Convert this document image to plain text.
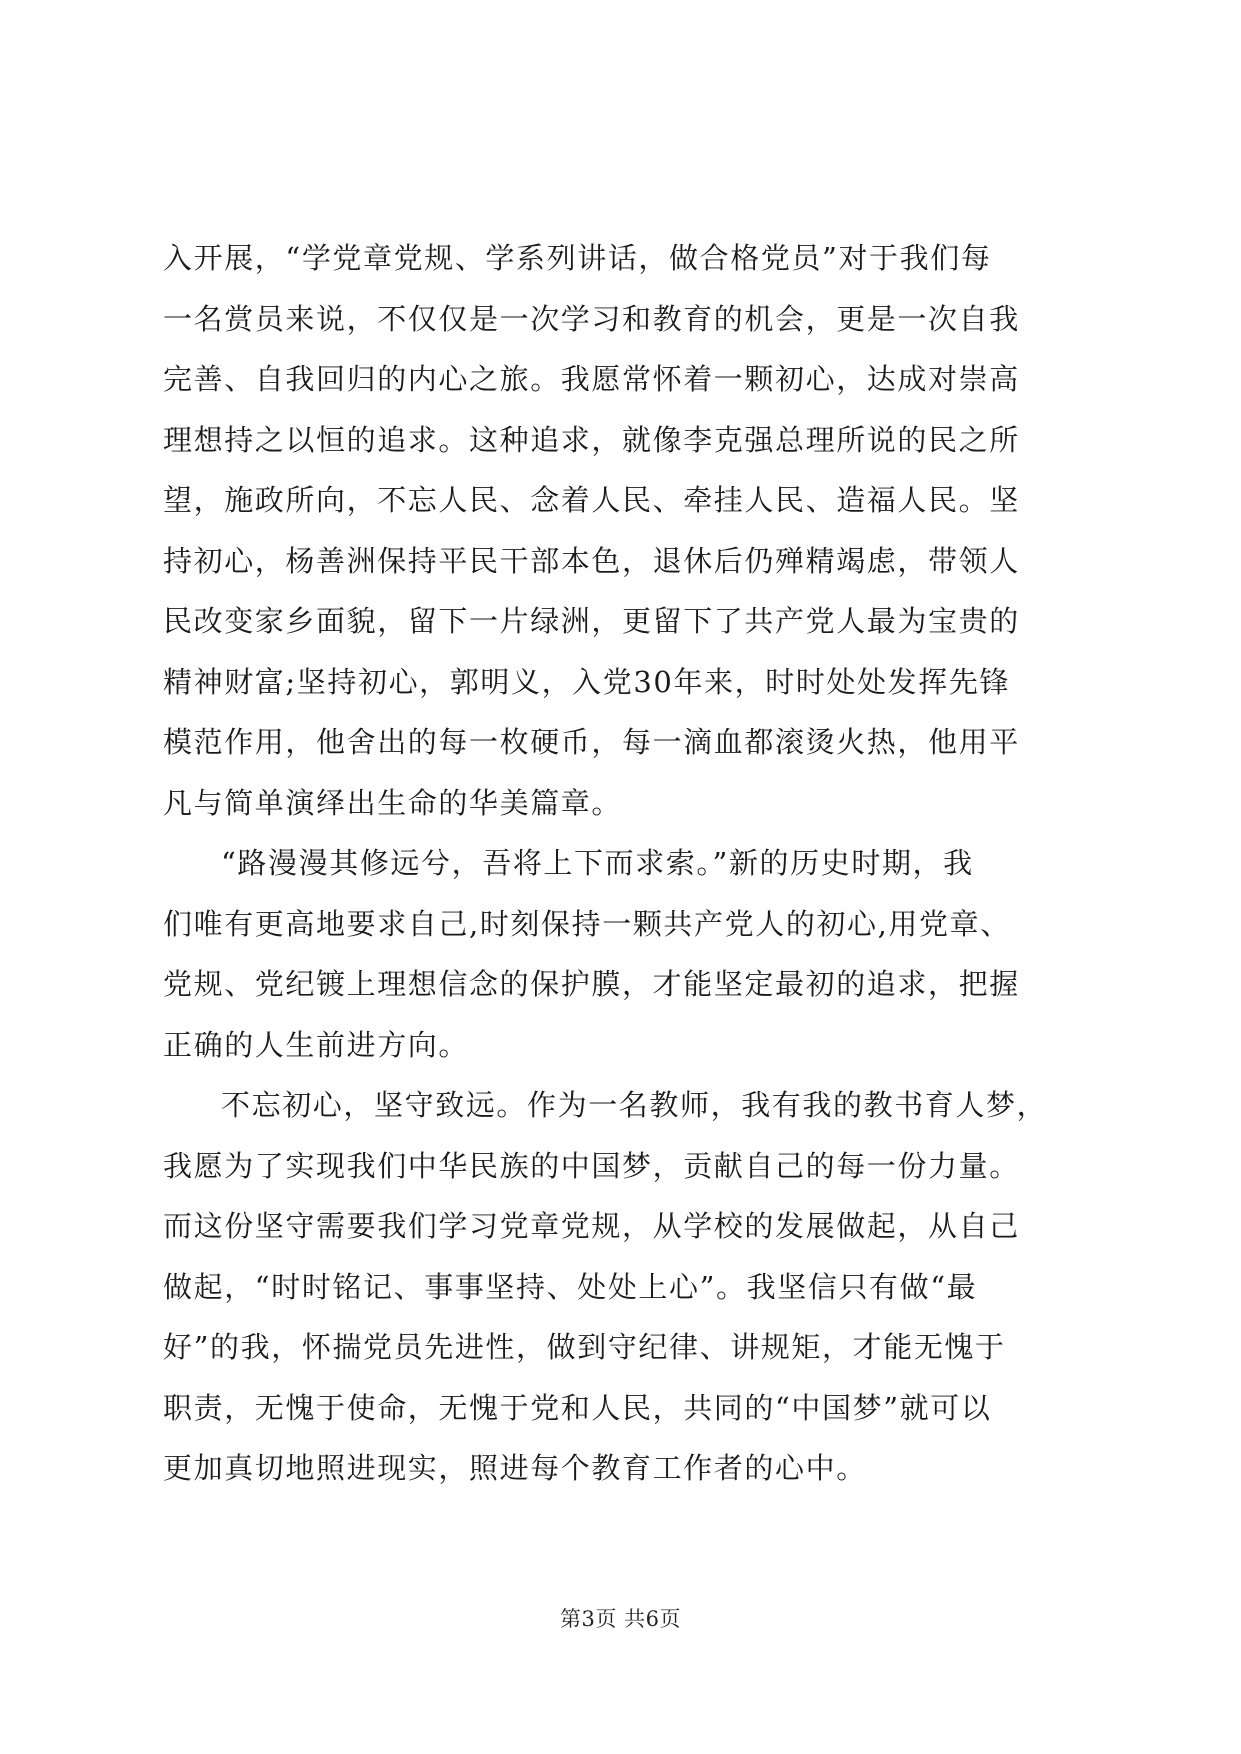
入开展，“学党章党规、学系列讲话，做合格党员”对于我们每
一名赏员来说，不仅仅是一次学习和教育的机会，更是一次自我
完善、自我回归的内心之旅。我愿常怀着一颗初心，达成对崇高
理想持之以恒的追求。这种追求，就像李克强总理所说的民之所
望，施政所向，不忘人民、念着人民、牵挂人民、造福人民。坚
持初心，杨善洲保持平民干部本色，退休后仍殚精竭虑，带领人
民改变家乡面貌，留下一片绿洲，更留下了共产党人最为宝贵的
精神财富;坚持初心，郭明义，入党30年来，时时处处发挥先锋
模范作用，他舍出的每一枚硬币，每一滴血都滚烫火热，他用平
凡与简单演绎出生命的华美篇章。
“路漫漫其修远兮，吾将上下而求索。”新的历史时期，我
们唯有更高地要求自己,时刻保持一颗共产党人的初心,用党章、
党规、党纪镀上理想信念的保护膜，才能坚定最初的追求，把握
正确的人生前进方向。
不忘初心，坚守致远。作为一名教师，我有我的教书育人梦，
我愿为了实现我们中华民族的中国梦，贡献自己的每一份力量。
而这份坚守需要我们学习党章党规，从学校的发展做起，从自己
做起，“时时铭记、事事坚持、处处上心”。我坚信只有做“最
好”的我，怀揣党员先进性，做到守纪律、讲规矩，才能无愧于
职责，无愧于使命，无愧于党和人民，共同的“中国梦”就可以
更加真切地照进现实，照进每个教育工作者的心中。
第3页 共6页
